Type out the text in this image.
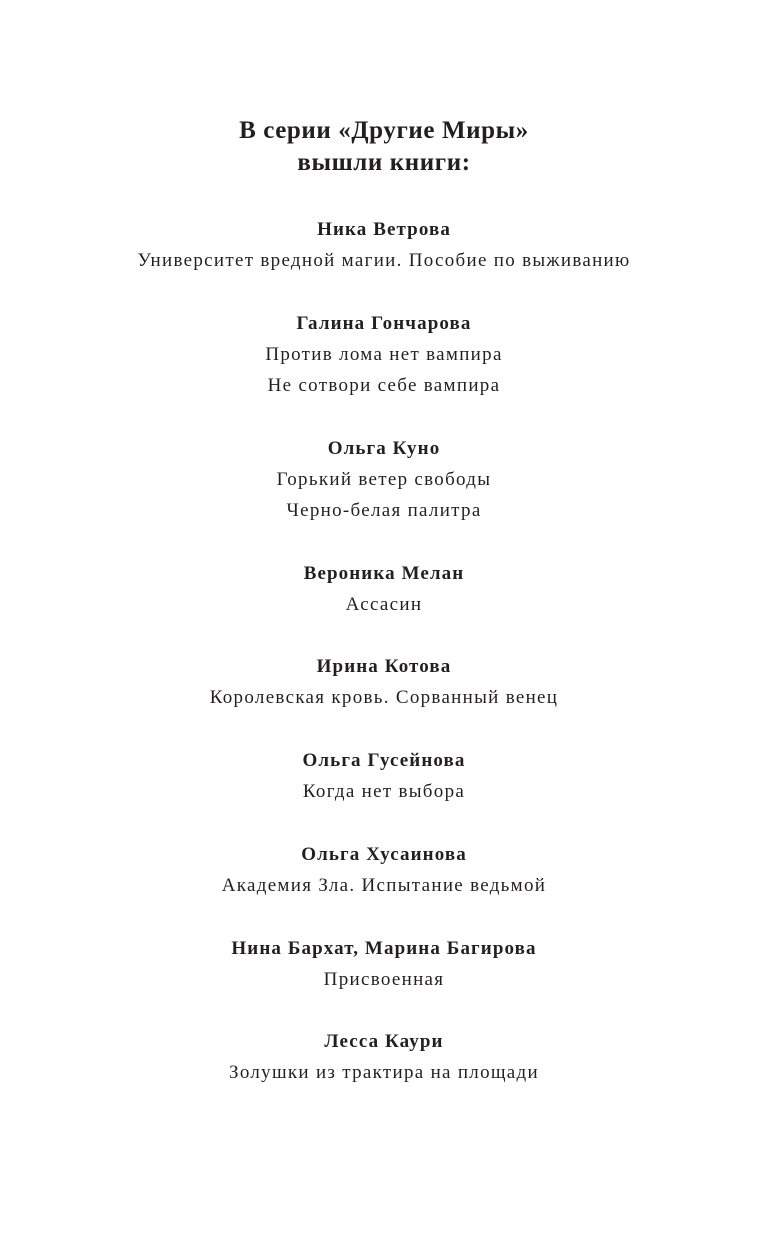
В серии «Другие Миры»
вышли книги:
Ника Ветрова
Университет вредной магии. Пособие по выживанию
Галина Гончарова
Против лома нет вампира
Не сотвори себе вампира
Ольга Куно
Горький ветер свободы
Черно-белая палитра
Вероника Мелан
Ассасин
Ирина Котова
Королевская кровь. Сорванный венец
Ольга Гусейнова
Когда нет выбора
Ольга Хусаинова
Академия Зла. Испытание ведьмой
Нина Бархат, Марина Багирова
Присвоенная
Лесса Каури
Золушки из трактира на площади
